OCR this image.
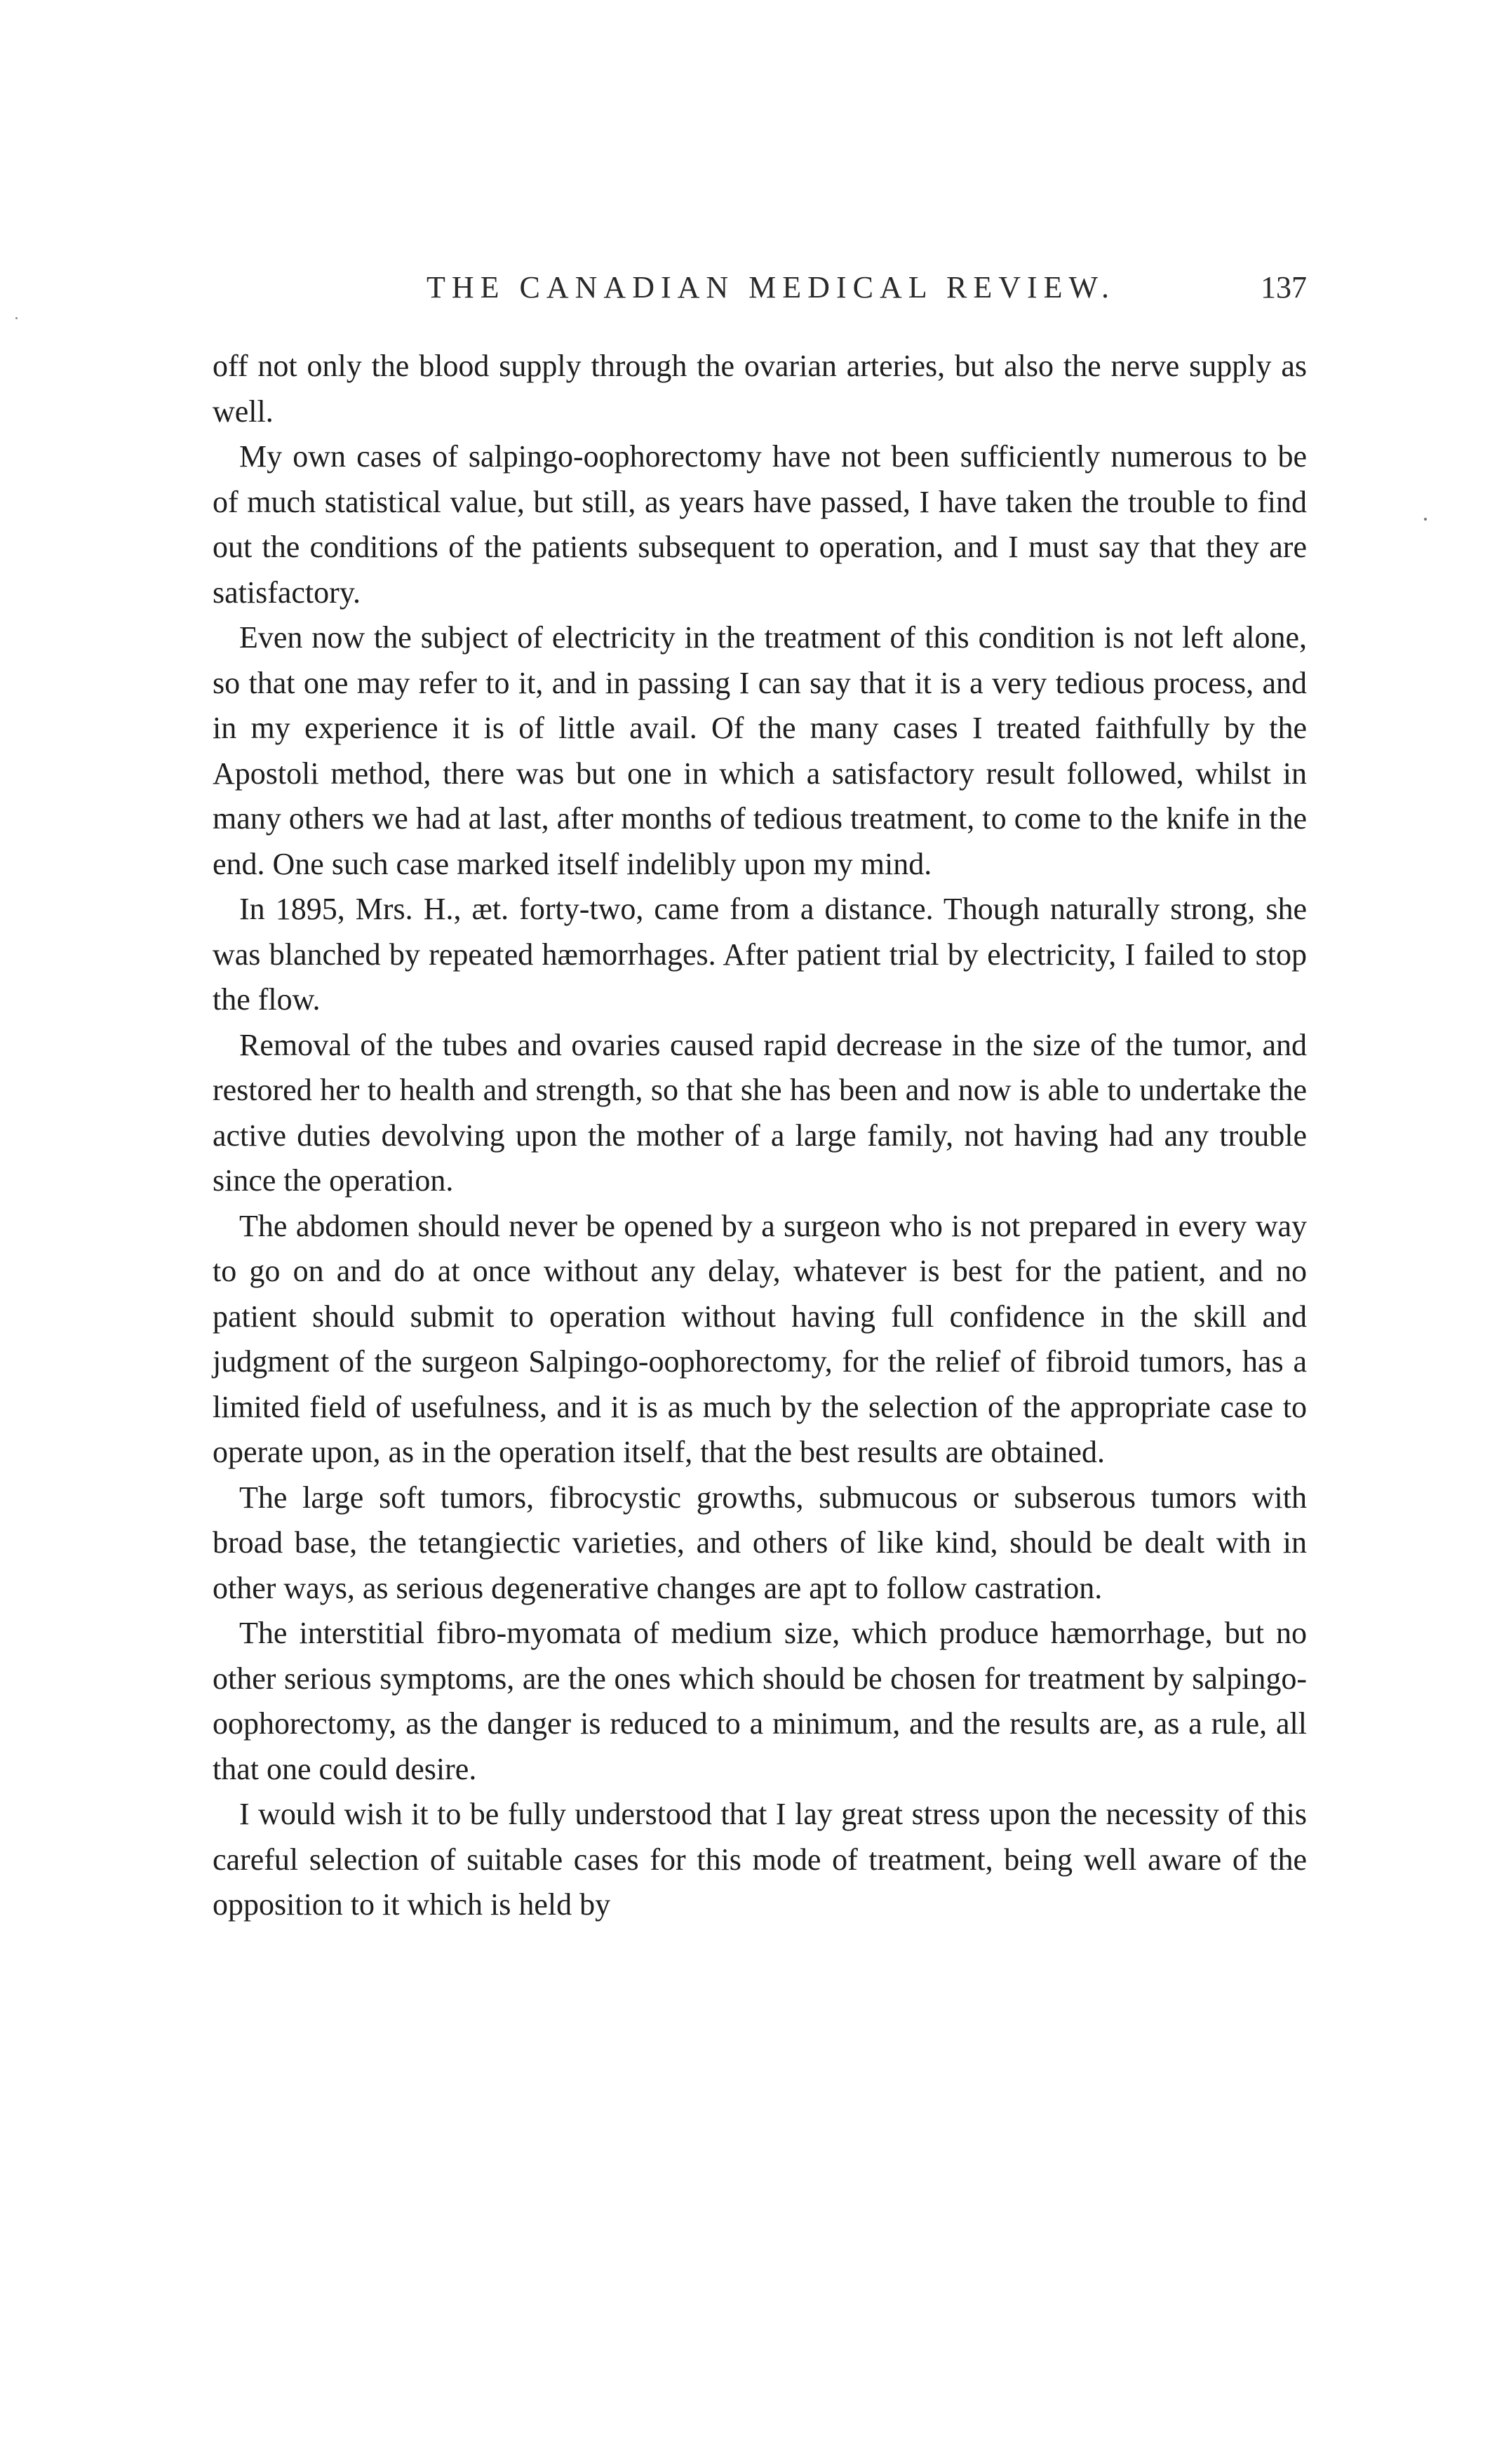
THE CANADIAN MEDICAL REVIEW.	137

off not only the blood supply through the ovarian arteries, but also the nerve supply as well.

My own cases of salpingo-oophorectomy have not been sufficiently numerous to be of much statistical value, but still, as years have passed, I have taken the trouble to find out the conditions of the patients subsequent to operation, and I must say that they are satisfactory.

Even now the subject of electricity in the treatment of this condition is not left alone, so that one may refer to it, and in passing I can say that it is a very tedious process, and in my experience it is of little avail. Of the many cases I treated faithfully by the Apostoli method, there was but one in which a satisfactory result followed, whilst in many others we had at last, after months of tedious treatment, to come to the knife in the end. One such case marked itself indelibly upon my mind.

In 1895, Mrs. H., æt. forty-two, came from a distance. Though naturally strong, she was blanched by repeated hæmorrhages. After patient trial by electricity, I failed to stop the flow.

Removal of the tubes and ovaries caused rapid decrease in the size of the tumor, and restored her to health and strength, so that she has been and now is able to undertake the active duties devolving upon the mother of a large family, not having had any trouble since the operation.

The abdomen should never be opened by a surgeon who is not prepared in every way to go on and do at once without any delay, whatever is best for the patient, and no patient should submit to operation without having full confidence in the skill and judgment of the surgeon Salpingo-oophorectomy, for the relief of fibroid tumors, has a limited field of usefulness, and it is as much by the selection of the appropriate case to operate upon, as in the operation itself, that the best results are obtained.

The large soft tumors, fibrocystic growths, submucous or subserous tumors with broad base, the tetangiectic varieties, and others of like kind, should be dealt with in other ways, as serious degenerative changes are apt to follow castration.

The interstitial fibro-myomata of medium size, which produce hæmorrhage, but no other serious symptoms, are the ones which should be chosen for treatment by salpingo-oophorectomy, as the danger is reduced to a minimum, and the results are, as a rule, all that one could desire.

I would wish it to be fully understood that I lay great stress upon the necessity of this careful selection of suitable cases for this mode of treatment, being well aware of the opposition to it which is held by
